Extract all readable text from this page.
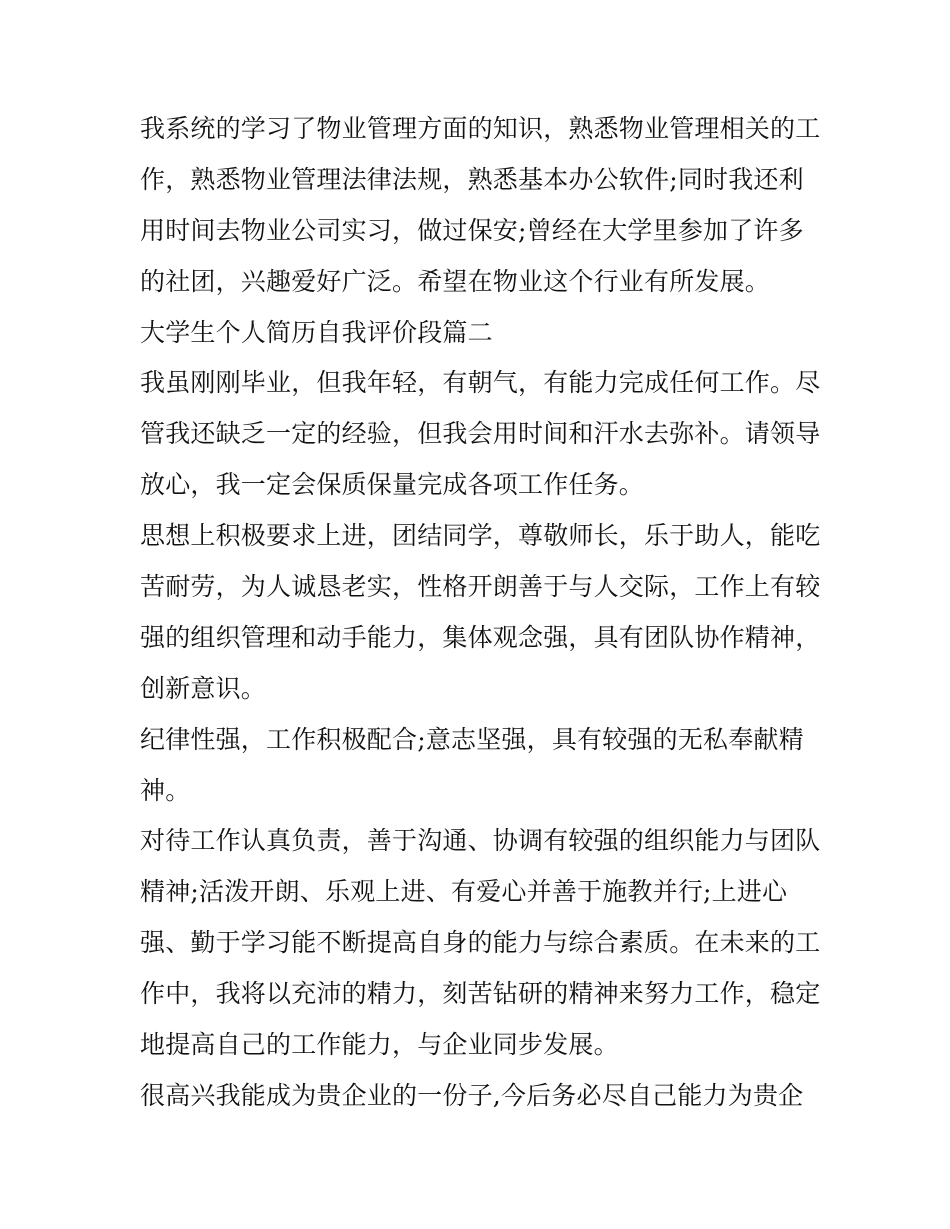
我系统的学习了物业管理方面的知识，熟悉物业管理相关的工
作，熟悉物业管理法律法规，熟悉基本办公软件;同时我还利
用时间去物业公司实习，做过保安;曾经在大学里参加了许多
的社团，兴趣爱好广泛。希望在物业这个行业有所发展。
大学生个人简历自我评价段篇二
我虽刚刚毕业，但我年轻，有朝气，有能力完成任何工作。尽
管我还缺乏一定的经验，但我会用时间和汗水去弥补。请领导
放心，我一定会保质保量完成各项工作任务。
思想上积极要求上进，团结同学，尊敬师长，乐于助人，能吃
苦耐劳，为人诚恳老实，性格开朗善于与人交际，工作上有较
强的组织管理和动手能力，集体观念强，具有团队协作精神，
创新意识。
纪律性强，工作积极配合;意志坚强，具有较强的无私奉献精
神。
对待工作认真负责，善于沟通、协调有较强的组织能力与团队
精神;活泼开朗、乐观上进、有爱心并善于施教并行;上进心
强、勤于学习能不断提高自身的能力与综合素质。在未来的工
作中，我将以充沛的精力，刻苦钻研的精神来努力工作，稳定
地提高自己的工作能力，与企业同步发展。
很高兴我能成为贵企业的一份子,今后务必尽自己能力为贵企
